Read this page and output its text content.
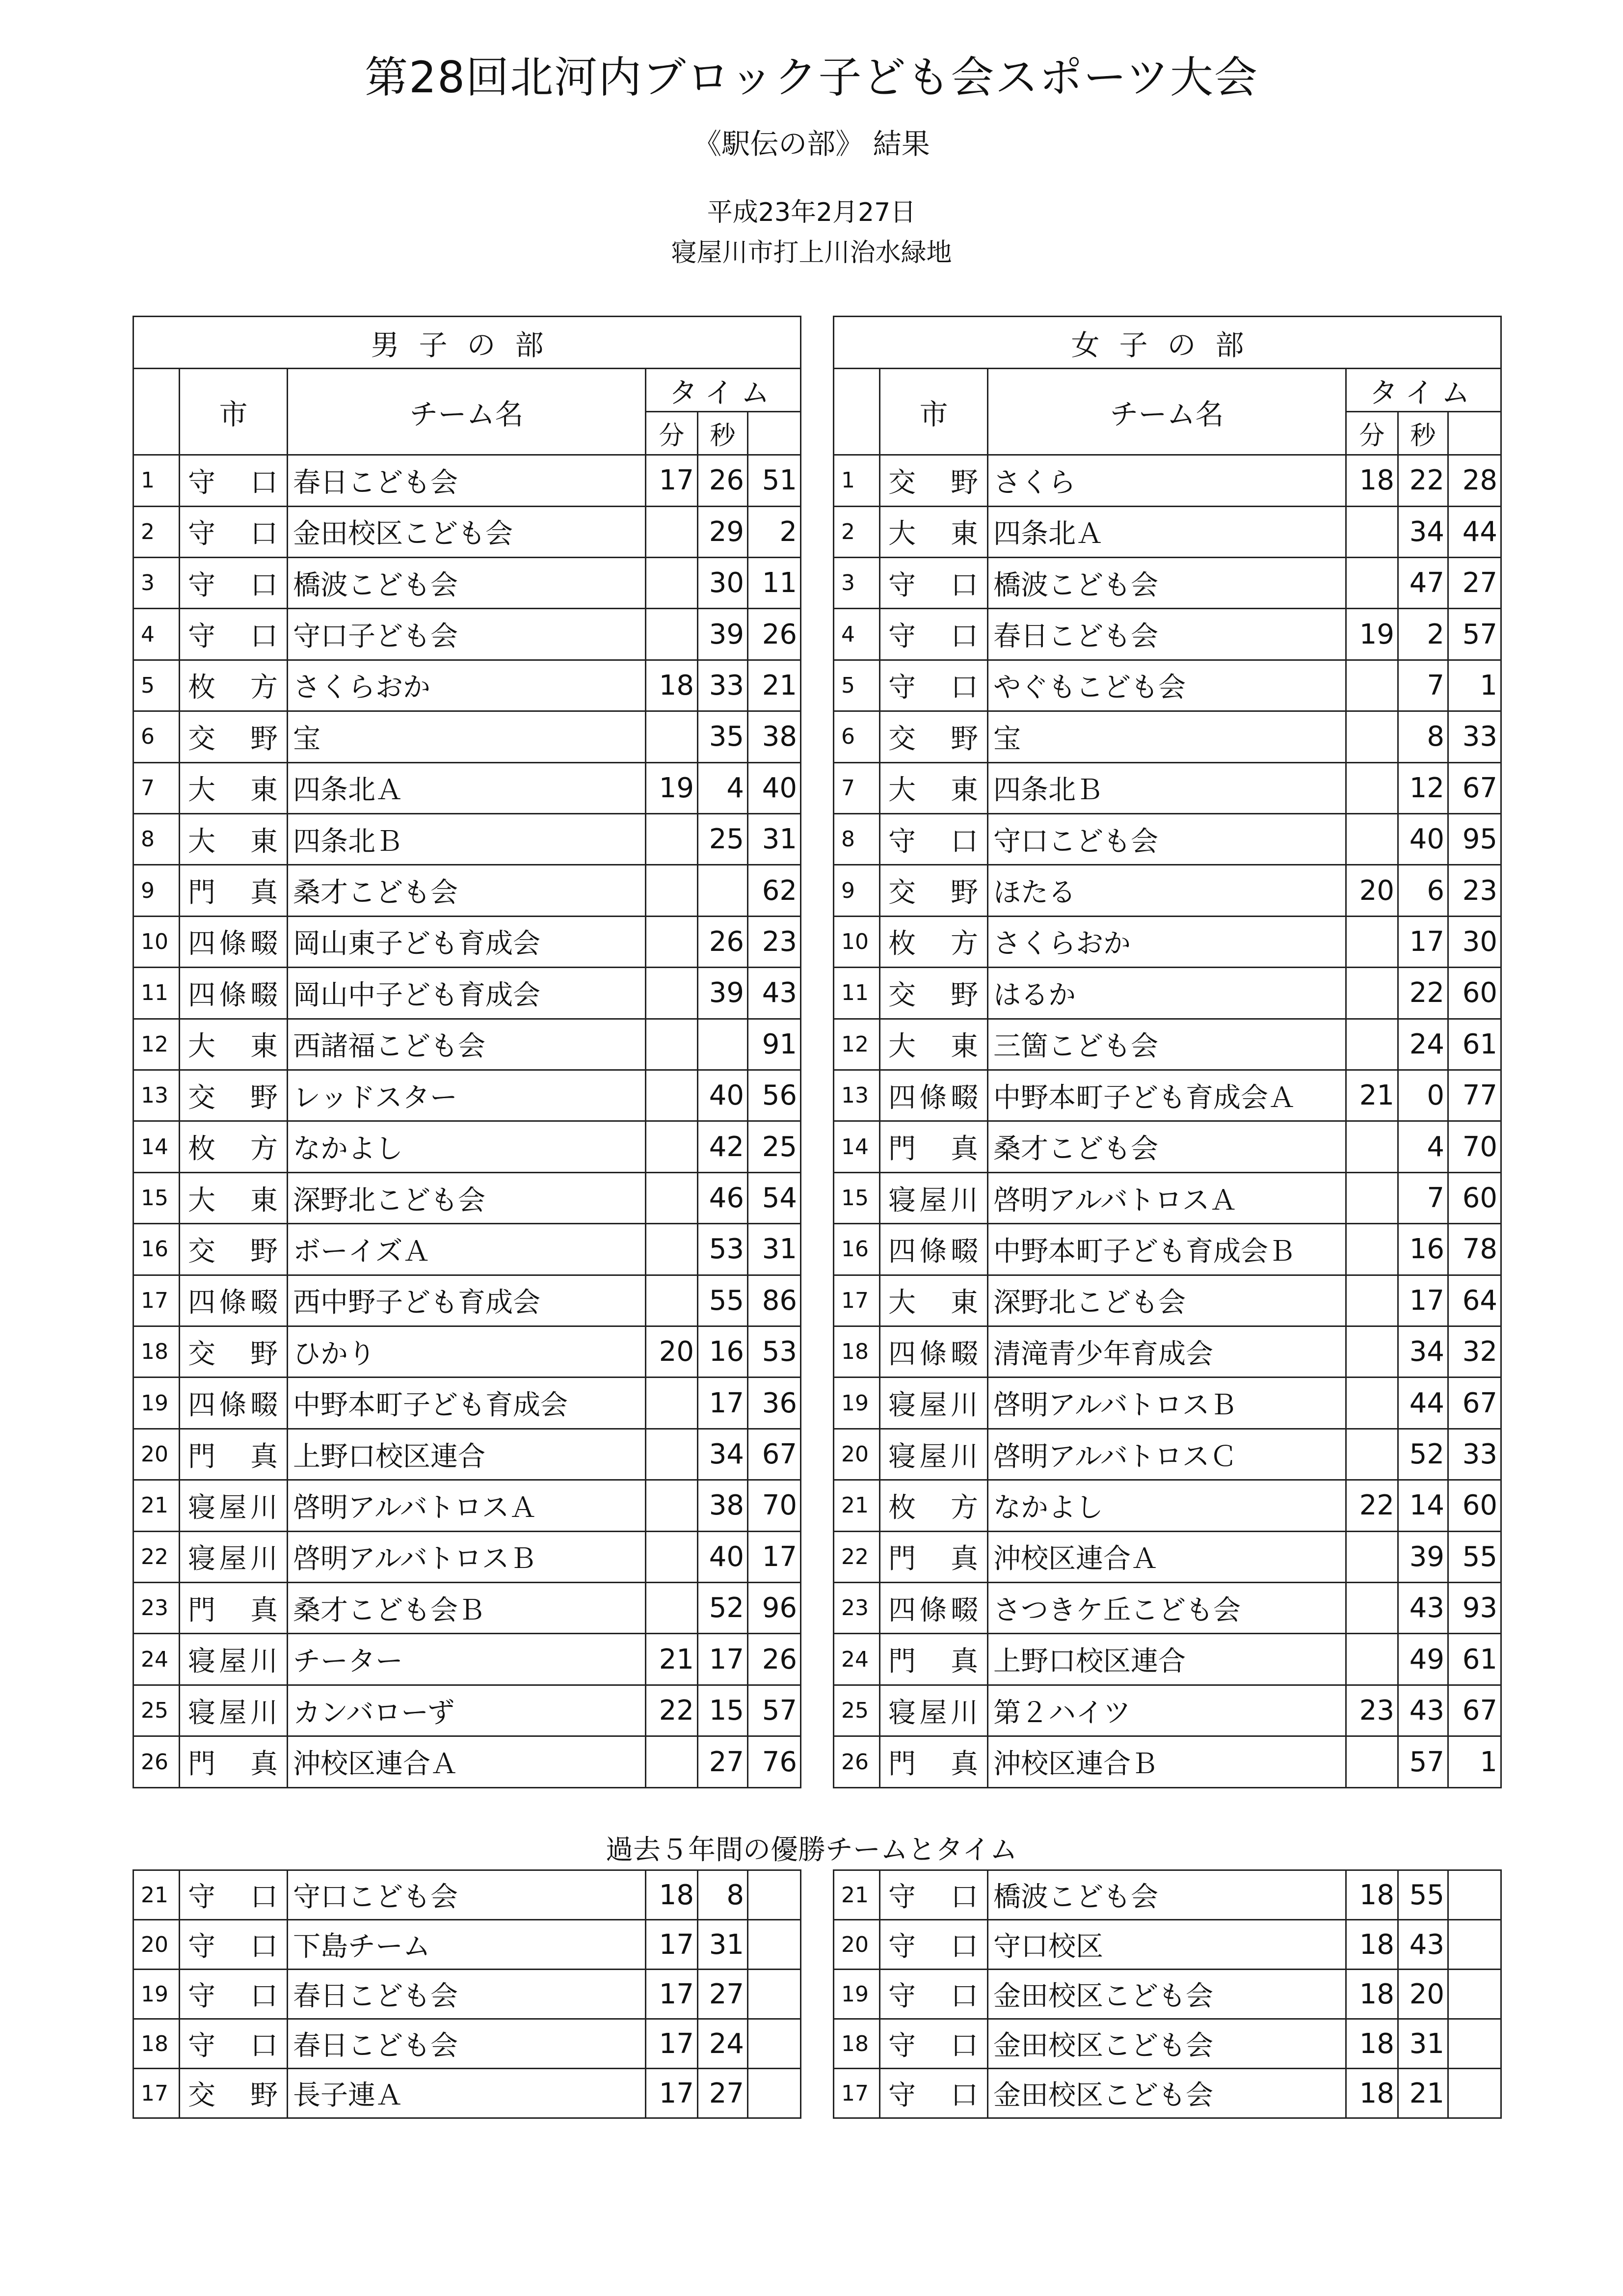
第28回北河内ブロック子ども会スポーツ大会
《駅伝の部》 結果
平成23年2月27日
寝屋川市打上川治水緑地
男子の部					
	市	チーム名	タイム		
			分	秒	
1	守口	春日こども会	17	26	51
2	守口	金田校区こども会		29	2
3	守口	橋波こども会		30	11
4	守口	守口子ども会		39	26
5	枚方	さくらおか	18	33	21
6	交野	宝		35	38
7	大東	四条北Ａ	19	4	40
8	大東	四条北Ｂ		25	31
9	門真	桑才こども会			62
10	四條畷	岡山東子ども育成会		26	23
11	四條畷	岡山中子ども育成会		39	43
12	大東	西諸福こども会			91
13	交野	レッドスター		40	56
14	枚方	なかよし		42	25
15	大東	深野北こども会		46	54
16	交野	ボーイズＡ		53	31
17	四條畷	西中野子ども育成会		55	86
18	交野	ひかり	20	16	53
19	四條畷	中野本町子ども育成会		17	36
20	門真	上野口校区連合		34	67
21	寝屋川	啓明アルバトロスＡ		38	70
22	寝屋川	啓明アルバトロスＢ		40	17
23	門真	桑才こども会Ｂ		52	96
24	寝屋川	チーター	21	17	26
25	寝屋川	カンバローず	22	15	57
26	門真	沖校区連合Ａ		27	76
女子の部					
	市	チーム名	タイム		
			分	秒	
1	交野	さくら	18	22	28
2	大東	四条北Ａ		34	44
3	守口	橋波こども会		47	27
4	守口	春日こども会	19	2	57
5	守口	やぐもこども会		7	1
6	交野	宝		8	33
7	大東	四条北Ｂ		12	67
8	守口	守口こども会		40	95
9	交野	ほたる	20	6	23
10	枚方	さくらおか		17	30
11	交野	はるか		22	60
12	大東	三箇こども会		24	61
13	四條畷	中野本町子ども育成会Ａ	21	0	77
14	門真	桑才こども会		4	70
15	寝屋川	啓明アルバトロスＡ		7	60
16	四條畷	中野本町子ども育成会Ｂ		16	78
17	大東	深野北こども会		17	64
18	四條畷	清滝青少年育成会		34	32
19	寝屋川	啓明アルバトロスＢ		44	67
20	寝屋川	啓明アルバトロスＣ		52	33
21	枚方	なかよし	22	14	60
22	門真	沖校区連合Ａ		39	55
23	四條畷	さつきケ丘こども会		43	93
24	門真	上野口校区連合		49	61
25	寝屋川	第２ハイツ	23	43	67
26	門真	沖校区連合Ｂ		57	1
過去５年間の優勝チームとタイム
21	守口	守口こども会	18	8	
20	守口	下島チーム	17	31	
19	守口	春日こども会	17	27	
18	守口	春日こども会	17	24	
17	交野	長子連Ａ	17	27	
21	守口	橋波こども会	18	55	
20	守口	守口校区	18	43	
19	守口	金田校区こども会	18	20	
18	守口	金田校区こども会	18	31	
17	守口	金田校区こども会	18	21	
